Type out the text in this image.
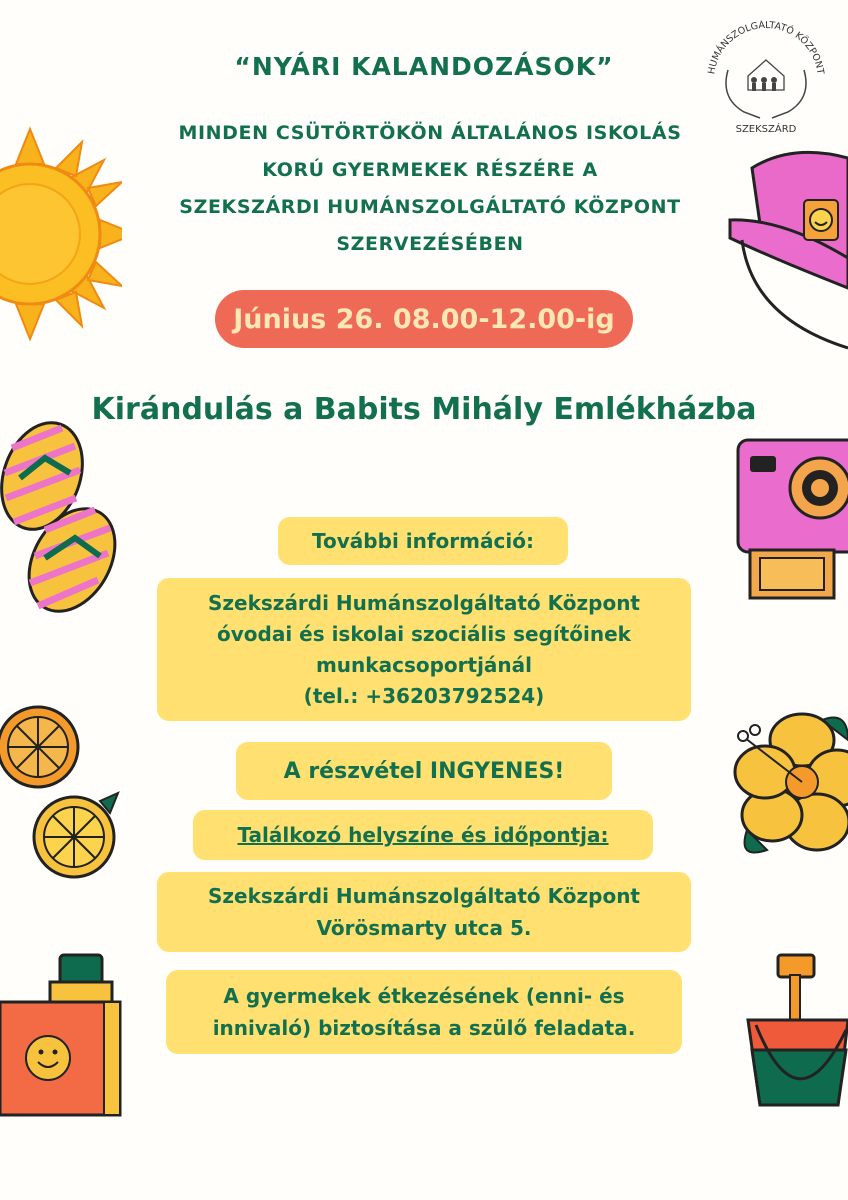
HUMÁNSZOLGÁLTATÓ KÖZPONT
SZEKSZÁRD
“NYÁRI KALANDOZÁSOK”
MINDEN CSÜTÖRTÖKÖN ÁLTALÁNOS ISKOLÁS
KORÚ GYERMEKEK RÉSZÉRE A
SZEKSZÁRDI HUMÁNSZOLGÁLTATÓ KÖZPONT
SZERVEZÉSÉBEN
Június 26. 08.00-12.00-ig
Kirándulás a Babits Mihály Emlékházba
További információ:
Szekszárdi Humánszolgáltató Központ
óvodai és iskolai szociális segítőinek
munkacsoportjánál
(tel.: +36203792524)
A részvétel INGYENES!
Találkozó helyszíne és időpontja:
Szekszárdi Humánszolgáltató Központ
Vörösmarty utca 5.
A gyermekek étkezésének (enni- és
innivaló) biztosítása a szülő feladata.
